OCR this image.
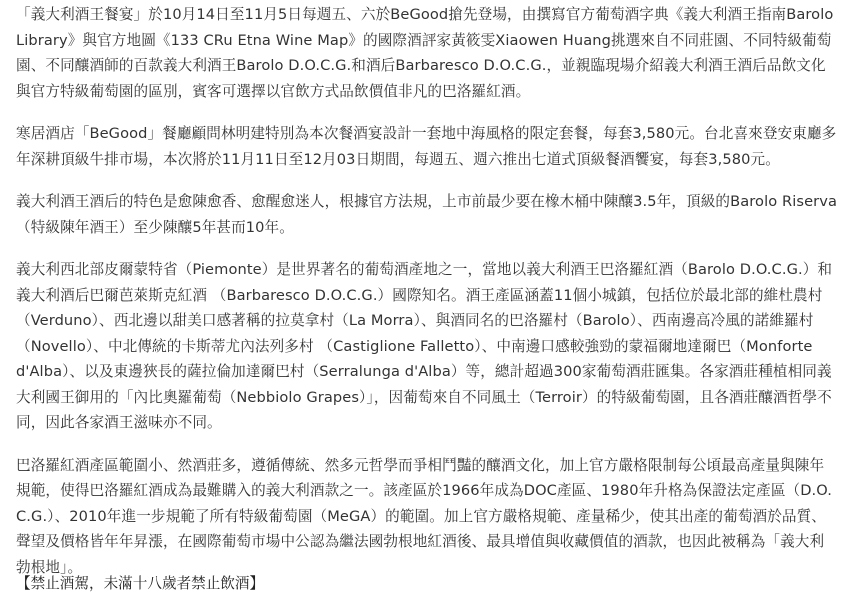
「義大利酒王餐宴」於10月14日至11月5日每週五、六於BeGood搶先登場，由撰寫官方葡萄酒字典《義大利酒王指南Barolo Library》與官方地圖《133 CRu Etna Wine Map》的國際酒評家黃筱雯Xiaowen Huang挑選來自不同莊園、不同特級葡萄園、不同釀酒師的百款義大利酒王Barolo D.O.C.G.和酒后Barbaresco D.O.C.G.，並親臨現場介紹義大利酒王酒后品飲文化與官方特級葡萄園的區別，賓客可選擇以官飲方式品飲價值非凡的巴洛羅紅酒。

寒居酒店「BeGood」餐廳顧問林明建特別為本次餐酒宴設計一套地中海風格的限定套餐，每套3,580元。台北喜來登安東廳多年深耕頂級牛排市場，本次將於11月11日至12月03日期間，每週五、週六推出七道式頂級餐酒饗宴，每套3,580元。

義大利酒王酒后的特色是愈陳愈香、愈醒愈迷人，根據官方法規，上市前最少要在橡木桶中陳釀3.5年，頂級的Barolo Riserva （特級陳年酒王）至少陳釀5年甚而10年。

義大利西北部皮爾蒙特省（Piemonte）是世界著名的葡萄酒產地之一，當地以義大利酒王巴洛羅紅酒（Barolo D.O.C.G.）和義大利酒后巴爾芭萊斯克紅酒 （Barbaresco D.O.C.G.）國際知名。酒王產區涵蓋11個小城鎮，包括位於最北部的維杜農村（Verduno）、西北邊以甜美口感著稱的拉莫拿村（La Morra）、與酒同名的巴洛羅村（Barolo）、西南邊高冷風的諾維羅村（Novello）、中北傳統的卡斯蒂尤內法列多村 （Castiglione Falletto）、中南邊口感較強勁的蒙福爾地達爾巴（Monforte d'Alba）、以及東邊狹長的薩拉倫加達爾巴村（Serralunga d'Alba）等，總計超過300家葡萄酒莊匯集。各家酒莊種植相同義大利國王御用的「內比奧羅葡萄（Nebbiolo Grapes）」，因葡萄來自不同風土（Terroir）的特級葡萄園，且各酒莊釀酒哲學不同，因此各家酒王滋味亦不同。

巴洛羅紅酒產區範圍小、然酒莊多，遵循傳統、然多元哲學而爭相鬥豔的釀酒文化，加上官方嚴格限制每公頃最高產量與陳年規範，使得巴洛羅紅酒成為最難購入的義大利酒款之一。該產區於1966年成為DOC產區、1980年升格為保證法定產區（D.O.C.G.）、2010年進一步規範了所有特級葡萄園（MeGA）的範圍。加上官方嚴格規範、產量稀少，使其出產的葡萄酒於品質、聲望及價格皆年年昇漲，在國際葡萄市場中公認為繼法國勃根地紅酒後、最具增值與收藏價值的酒款，也因此被稱為「義大利勃根地」。

【禁止酒駕，未滿十八歲者禁止飲酒】
